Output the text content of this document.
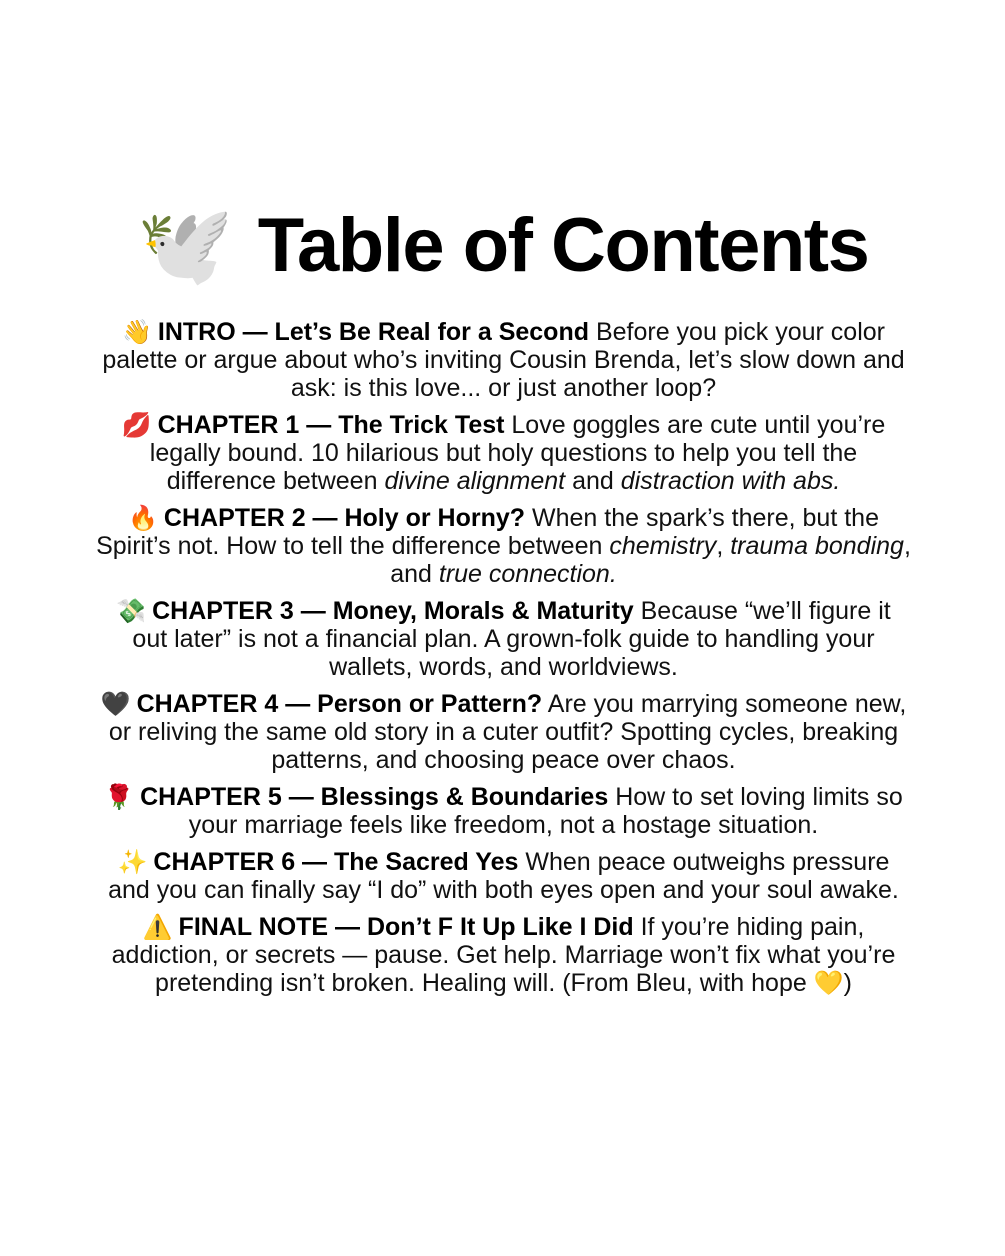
🕊️ Table of Contents

👋 INTRO — Let’s Be Real for a Second Before you pick your color palette or argue about who’s inviting Cousin Brenda, let’s slow down and ask: is this love... or just another loop?

💋 CHAPTER 1 — The Trick Test Love goggles are cute until you’re legally bound. 10 hilarious but holy questions to help you tell the difference between divine alignment and distraction with abs.

🔥 CHAPTER 2 — Holy or Horny? When the spark’s there, but the Spirit’s not. How to tell the difference between chemistry, trauma bonding, and true connection.

💸 CHAPTER 3 — Money, Morals & Maturity Because “we’ll figure it out later” is not a financial plan. A grown-folk guide to handling your wallets, words, and worldviews.

🖤 CHAPTER 4 — Person or Pattern? Are you marrying someone new, or reliving the same old story in a cuter outfit? Spotting cycles, breaking patterns, and choosing peace over chaos.

🌹 CHAPTER 5 — Blessings & Boundaries How to set loving limits so your marriage feels like freedom, not a hostage situation.

✨ CHAPTER 6 — The Sacred Yes When peace outweighs pressure and you can finally say “I do” with both eyes open and your soul awake.

⚠️ FINAL NOTE — Don’t F It Up Like I Did If you’re hiding pain, addiction, or secrets — pause. Get help. Marriage won’t fix what you’re pretending isn’t broken. Healing will. (From Bleu, with hope 💛)
